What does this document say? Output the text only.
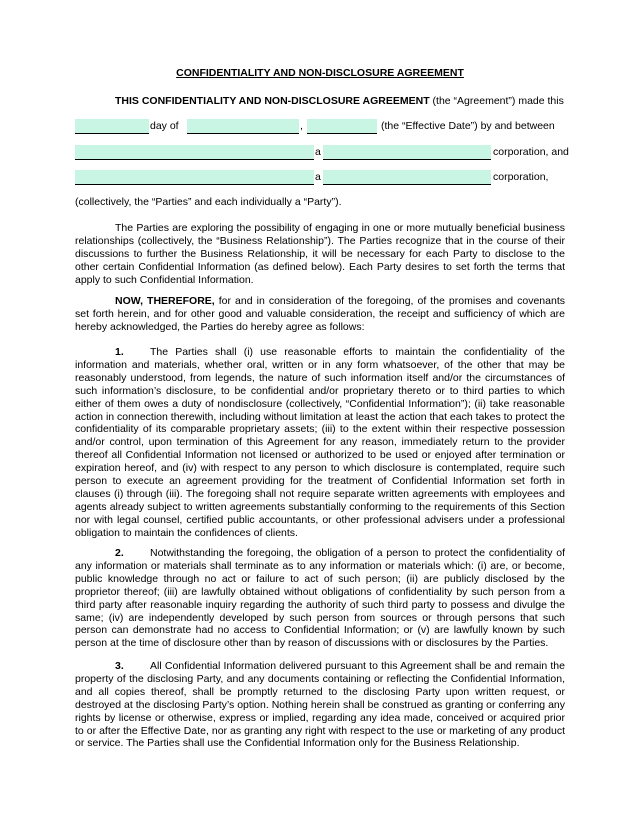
CONFIDENTIALITY AND NON-DISCLOSURE AGREEMENT
THIS CONFIDENTIALITY AND NON-DISCLOSURE AGREEMENT (the “Agreement”) made this
day of	,	(the “Effective Date”) by and between
a	corporation, and
a	corporation,
(collectively, the “Parties” and each individually a “Party”).
The Parties are exploring the possibility of engaging in one or more mutually beneficial business relationships (collectively, the “Business Relationship”). The Parties recognize that in the course of their discussions to further the Business Relationship, it will be necessary for each Party to disclose to the other certain Confidential Information (as defined below). Each Party desires to set forth the terms that apply to such Confidential Information.
NOW, THEREFORE, for and in consideration of the foregoing, of the promises and covenants set forth herein, and for other good and valuable consideration, the receipt and sufficiency of which are hereby acknowledged, the Parties do hereby agree as follows:
1. The Parties shall (i) use reasonable efforts to maintain the confidentiality of the information and materials, whether oral, written or in any form whatsoever, of the other that may be reasonably understood, from legends, the nature of such information itself and/or the circumstances of such information’s disclosure, to be confidential and/or proprietary thereto or to third parties to which either of them owes a duty of nondisclosure (collectively, “Confidential Information”); (ii) take reasonable action in connection therewith, including without limitation at least the action that each takes to protect the confidentiality of its comparable proprietary assets; (iii) to the extent within their respective possession and/or control, upon termination of this Agreement for any reason, immediately return to the provider thereof all Confidential Information not licensed or authorized to be used or enjoyed after termination or expiration hereof, and (iv) with respect to any person to which disclosure is contemplated, require such person to execute an agreement providing for the treatment of Confidential Information set forth in clauses (i) through (iii). The foregoing shall not require separate written agreements with employees and agents already subject to written agreements substantially conforming to the requirements of this Section nor with legal counsel, certified public accountants, or other professional advisers under a professional obligation to maintain the confidences of clients.
2. Notwithstanding the foregoing, the obligation of a person to protect the confidentiality of any information or materials shall terminate as to any information or materials which: (i) are, or become, public knowledge through no act or failure to act of such person; (ii) are publicly disclosed by the proprietor thereof; (iii) are lawfully obtained without obligations of confidentiality by such person from a third party after reasonable inquiry regarding the authority of such third party to possess and divulge the same; (iv) are independently developed by such person from sources or through persons that such person can demonstrate had no access to Confidential Information; or (v) are lawfully known by such person at the time of disclosure other than by reason of discussions with or disclosures by the Parties.
3. All Confidential Information delivered pursuant to this Agreement shall be and remain the property of the disclosing Party, and any documents containing or reflecting the Confidential Information, and all copies thereof, shall be promptly returned to the disclosing Party upon written request, or destroyed at the disclosing Party’s option. Nothing herein shall be construed as granting or conferring any rights by license or otherwise, express or implied, regarding any idea made, conceived or acquired prior to or after the Effective Date, nor as granting any right with respect to the use or marketing of any product or service. The Parties shall use the Confidential Information only for the Business Relationship.
